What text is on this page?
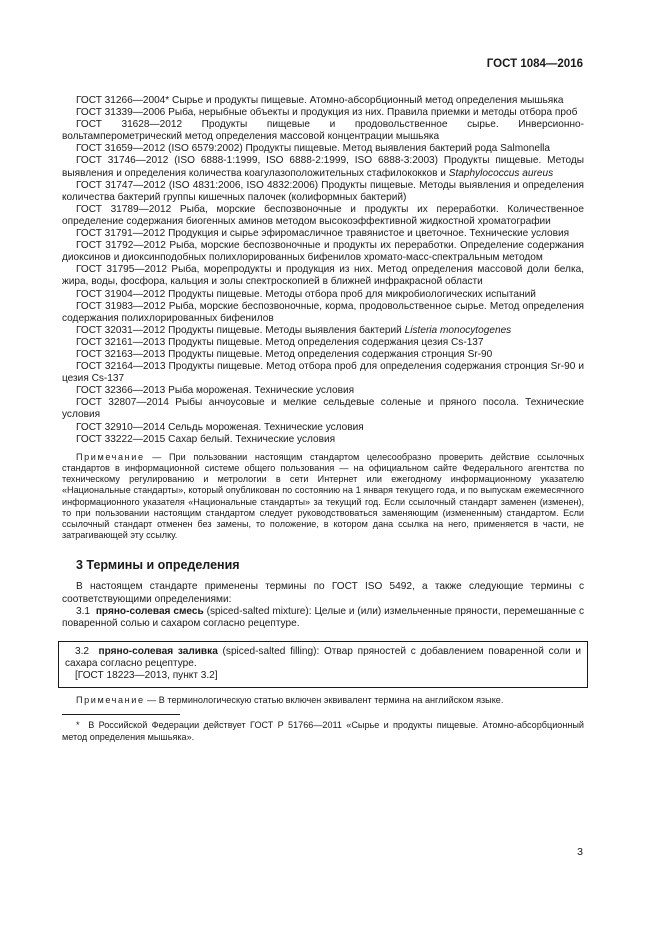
ГОСТ 1084—2016

ГОСТ 31266—2004* Сырье и продукты пищевые. Атомно-абсорбционный метод определения мышьяка

ГОСТ 31339—2006 Рыба, нерыбные объекты и продукция из них. Правила приемки и методы отбора проб

ГОСТ 31628—2012 Продукты пищевые и продовольственное сырье. Инверсионно-вольтамперометрический метод определения массовой концентрации мышьяка

ГОСТ 31659—2012 (ISO 6579:2002) Продукты пищевые. Метод выявления бактерий рода Salmonella

ГОСТ 31746—2012 (ISO 6888-1:1999, ISO 6888-2:1999, ISO 6888-3:2003) Продукты пищевые. Методы выявления и определения количества коагулазоположительных стафилококков и Staphylococcus aureus

ГОСТ 31747—2012 (ISO 4831:2006, ISO 4832:2006) Продукты пищевые. Методы выявления и определения количества бактерий группы кишечных палочек (колиформных бактерий)

ГОСТ 31789—2012 Рыба, морские беспозвоночные и продукты их переработки. Количественное определение содержания биогенных аминов методом высокоэффективной жидкостной хроматографии

ГОСТ 31791—2012 Продукция и сырье эфиромасличное травянистое и цветочное. Технические условия

ГОСТ 31792—2012 Рыба, морские беспозвоночные и продукты их переработки. Определение содержания диоксинов и диоксинподобных полихлорированных бифенилов хромато-масс-спектральным методом

ГОСТ 31795—2012 Рыба, морепродукты и продукция из них. Метод определения массовой доли белка, жира, воды, фосфора, кальция и золы спектроскопией в ближней инфракрасной области

ГОСТ 31904—2012 Продукты пищевые. Методы отбора проб для микробиологических испытаний

ГОСТ 31983—2012 Рыба, морские беспозвоночные, корма, продовольственное сырье. Метод определения содержания полихлорированных бифенилов

ГОСТ 32031—2012 Продукты пищевые. Методы выявления бактерий Listeria monocytogenes

ГОСТ 32161—2013 Продукты пищевые. Метод определения содержания цезия Cs-137

ГОСТ 32163—2013 Продукты пищевые. Метод определения содержания стронция Sr-90

ГОСТ 32164—2013 Продукты пищевые. Метод отбора проб для определения содержания стронция Sr-90 и цезия Cs-137

ГОСТ 32366—2013 Рыба мороженая. Технические условия

ГОСТ 32807—2014 Рыбы анчоусовые и мелкие сельдевые соленые и пряного посола. Технические условия

ГОСТ 32910—2014 Сельдь мороженая. Технические условия

ГОСТ 33222—2015 Сахар белый. Технические условия

Примечание — При пользовании настоящим стандартом целесообразно проверить действие ссылочных стандартов в информационной системе общего пользования — на официальном сайте Федерального агентства по техническому регулированию и метрологии в сети Интернет или ежегодному информационному указателю «Национальные стандарты», который опубликован по состоянию на 1 января текущего года, и по выпускам ежемесячного информационного указателя «Национальные стандарты» за текущий год. Если ссылочный стандарт заменен (изменен), то при пользовании настоящим стандартом следует руководствоваться заменяющим (измененным) стандартом. Если ссылочный стандарт отменен без замены, то положение, в котором дана ссылка на него, применяется в части, не затрагивающей эту ссылку.
3 Термины и определения

В настоящем стандарте применены термины по ГОСТ ISO 5492, а также следующие термины с соответствующими определениями:

3.1 пряно-солевая смесь (spiced-salted mixture): Целые и (или) измельченные пряности, перемешанные с поваренной солью и сахаром согласно рецептуре.

3.2 пряно-солевая заливка (spiced-salted filling): Отвар пряностей с добавлением поваренной соли и сахара согласно рецептуре.

[ГОСТ 18223—2013, пункт 3.2]
Примечание — В терминологическую статью включен эквивалент термина на английском языке.
* В Российской Федерации действует ГОСТ Р 51766—2011 «Сырье и продукты пищевые. Атомно-абсорбционный метод определения мышьяка».
3
